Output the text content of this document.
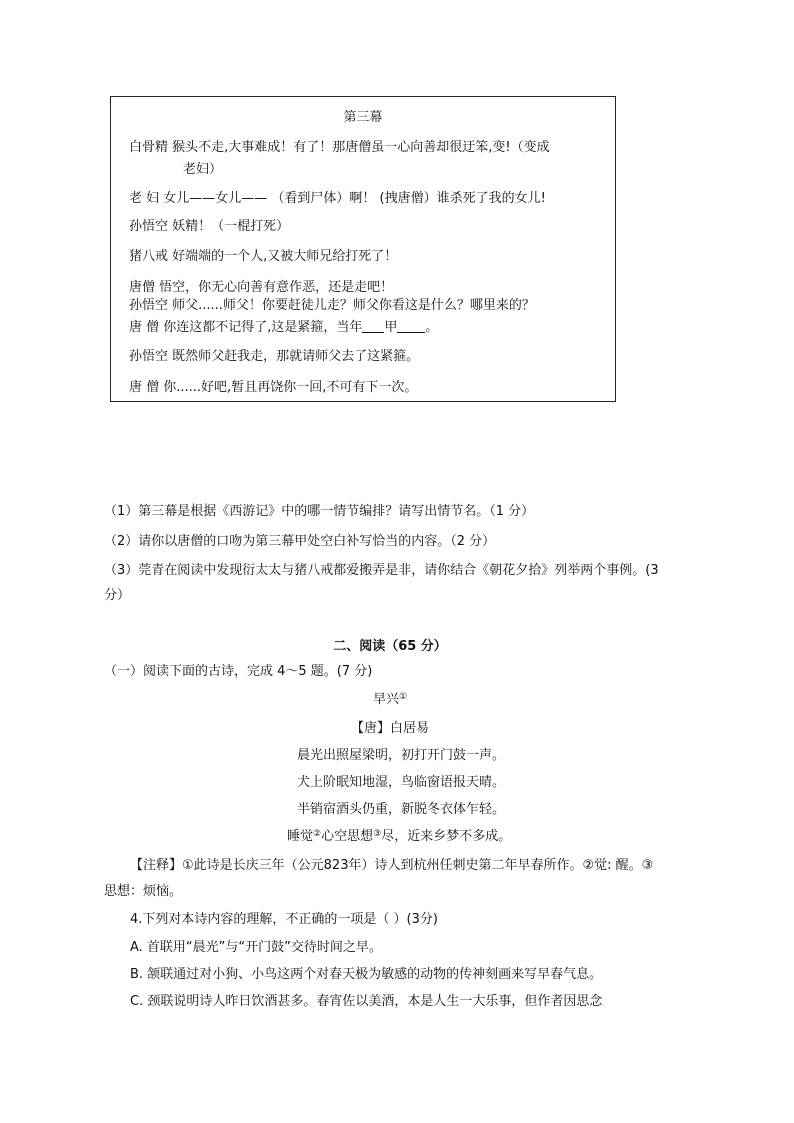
第三幕
白骨精 猴头不走,大事难成！有了！那唐僧虽一心向善却很迂笨,变!（变成
老妇）
老 妇 女儿——女儿—— （看到尸体）啊！ (拽唐僧）谁杀死了我的女儿!
孙悟空 妖精！（一棍打死）
猪八戒 好端端的一个人,又被大师兄给打死了！
唐僧 悟空，你无心向善有意作恶，还是走吧！
孙悟空 师父......师父！你要赶徒儿走？师父你看这是什么？哪里来的？
唐 僧 你连这都不记得了,这是紧箍，当年 甲 。
孙悟空 既然师父赶我走，那就请师父去了这紧箍。
唐 僧 你......好吧,暂且再饶你一回,不可有下一次。
（1）第三幕是根据《西游记》中的哪一情节编排？请写出情节名。（1 分）
（2）请你以唐僧的口吻为第三幕甲处空白补写恰当的内容。（2 分）
（3）莞青在阅读中发现衍太太与猪八戒都爱搬弄是非，请你结合《朝花夕拾》列举两个事例。(3
分）
二、阅读（65 分）
（一）阅读下面的古诗，完成 4～5 题。(7 分)
早兴①
【唐】白居易
晨光出照屋梁明，初打开门鼓一声。
犬上阶眠知地湿，鸟临窗语报天晴。
半销宿酒头仍重，新脱冬衣体乍轻。
睡觉②心空思想③尽，近来乡梦不多成。
【注释】①此诗是长庆三年（公元823年）诗人到杭州任刺史第二年早春所作。②觉: 醒。③
思想：烦恼。
4.下列对本诗内容的理解，不正确的一项是（ ）(3分)
A. 首联用“晨光”与“开门鼓”交待时间之早。
B. 颔联通过对小狗、小鸟这两个对春天极为敏感的动物的传神刻画来写早春气息。
C. 颈联说明诗人昨日饮酒甚多。春宵佐以美酒，本是人生一大乐事，但作者因思念
